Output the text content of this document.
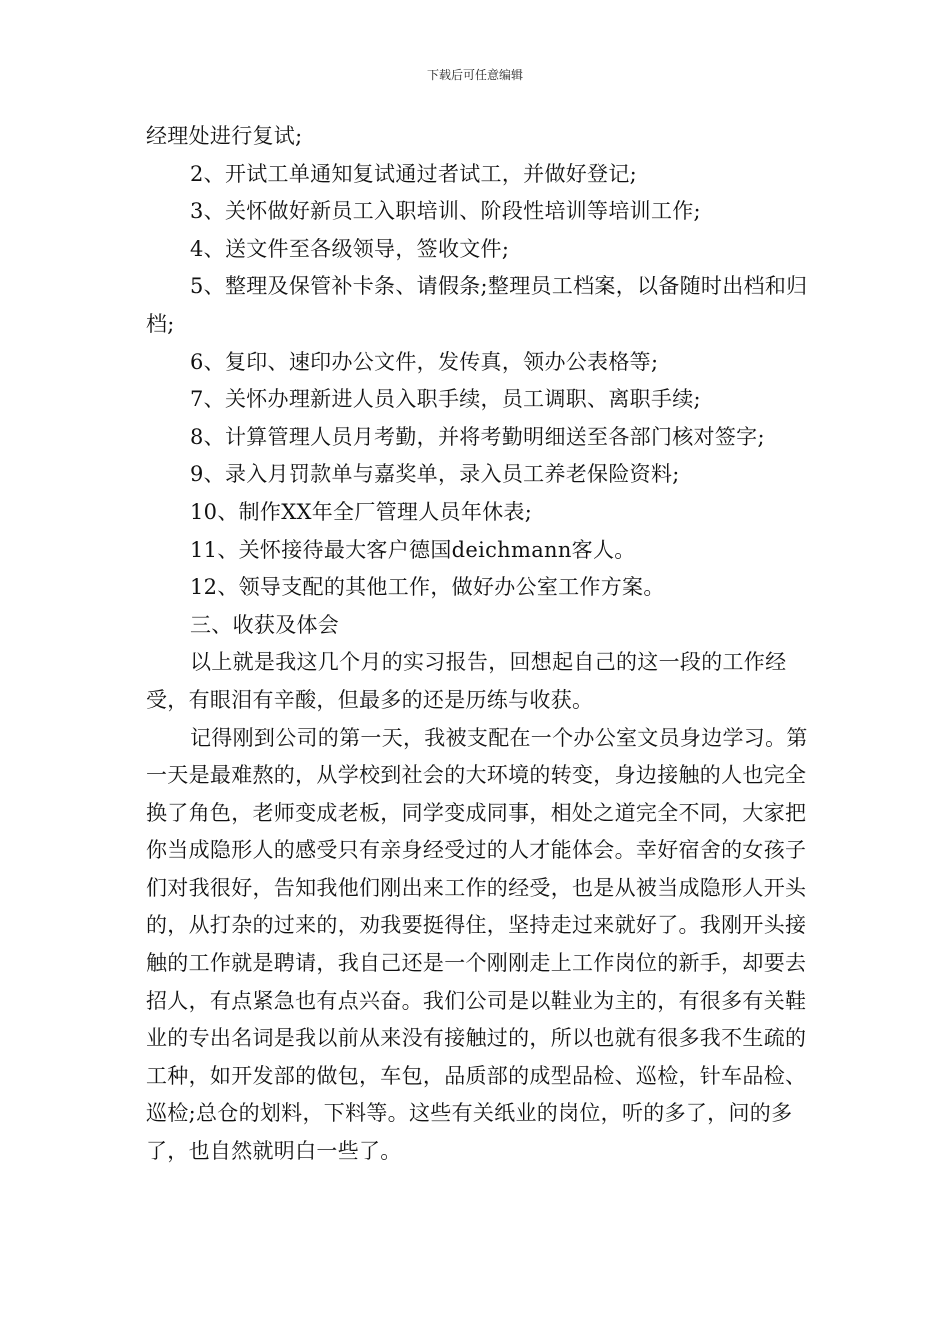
下载后可任意编辑

经理处进行复试;

2、开试工单通知复试通过者试工，并做好登记;

3、关怀做好新员工入职培训、阶段性培训等培训工作;

4、送文件至各级领导，签收文件;

5、整理及保管补卡条、请假条;整理员工档案，以备随时出档和归档;

6、复印、速印办公文件，发传真，领办公表格等;

7、关怀办理新进人员入职手续，员工调职、离职手续;

8、计算管理人员月考勤，并将考勤明细送至各部门核对签字;

9、录入月罚款单与嘉奖单，录入员工养老保险资料;

10、制作XX年全厂管理人员年休表;

11、关怀接待最大客户德国deichmann客人。

12、领导支配的其他工作，做好办公室工作方案。

三、收获及体会

以上就是我这几个月的实习报告，回想起自己的这一段的工作经受，有眼泪有辛酸，但最多的还是历练与收获。

记得刚到公司的第一天，我被支配在一个办公室文员身边学习。第一天是最难熬的，从学校到社会的大环境的转变，身边接触的人也完全换了角色，老师变成老板，同学变成同事，相处之道完全不同，大家把你当成隐形人的感受只有亲身经受过的人才能体会。幸好宿舍的女孩子们对我很好，告知我他们刚出来工作的经受，也是从被当成隐形人开头的，从打杂的过来的，劝我要挺得住，坚持走过来就好了。我刚开头接触的工作就是聘请，我自己还是一个刚刚走上工作岗位的新手，却要去招人，有点紧急也有点兴奋。我们公司是以鞋业为主的，有很多有关鞋业的专出名词是我以前从来没有接触过的，所以也就有很多我不生疏的工种，如开发部的做包，车包，品质部的成型品检、巡检，针车品检、巡检;总仓的划料，下料等。这些有关纸业的岗位，听的多了，问的多了，也自然就明白一些了。
